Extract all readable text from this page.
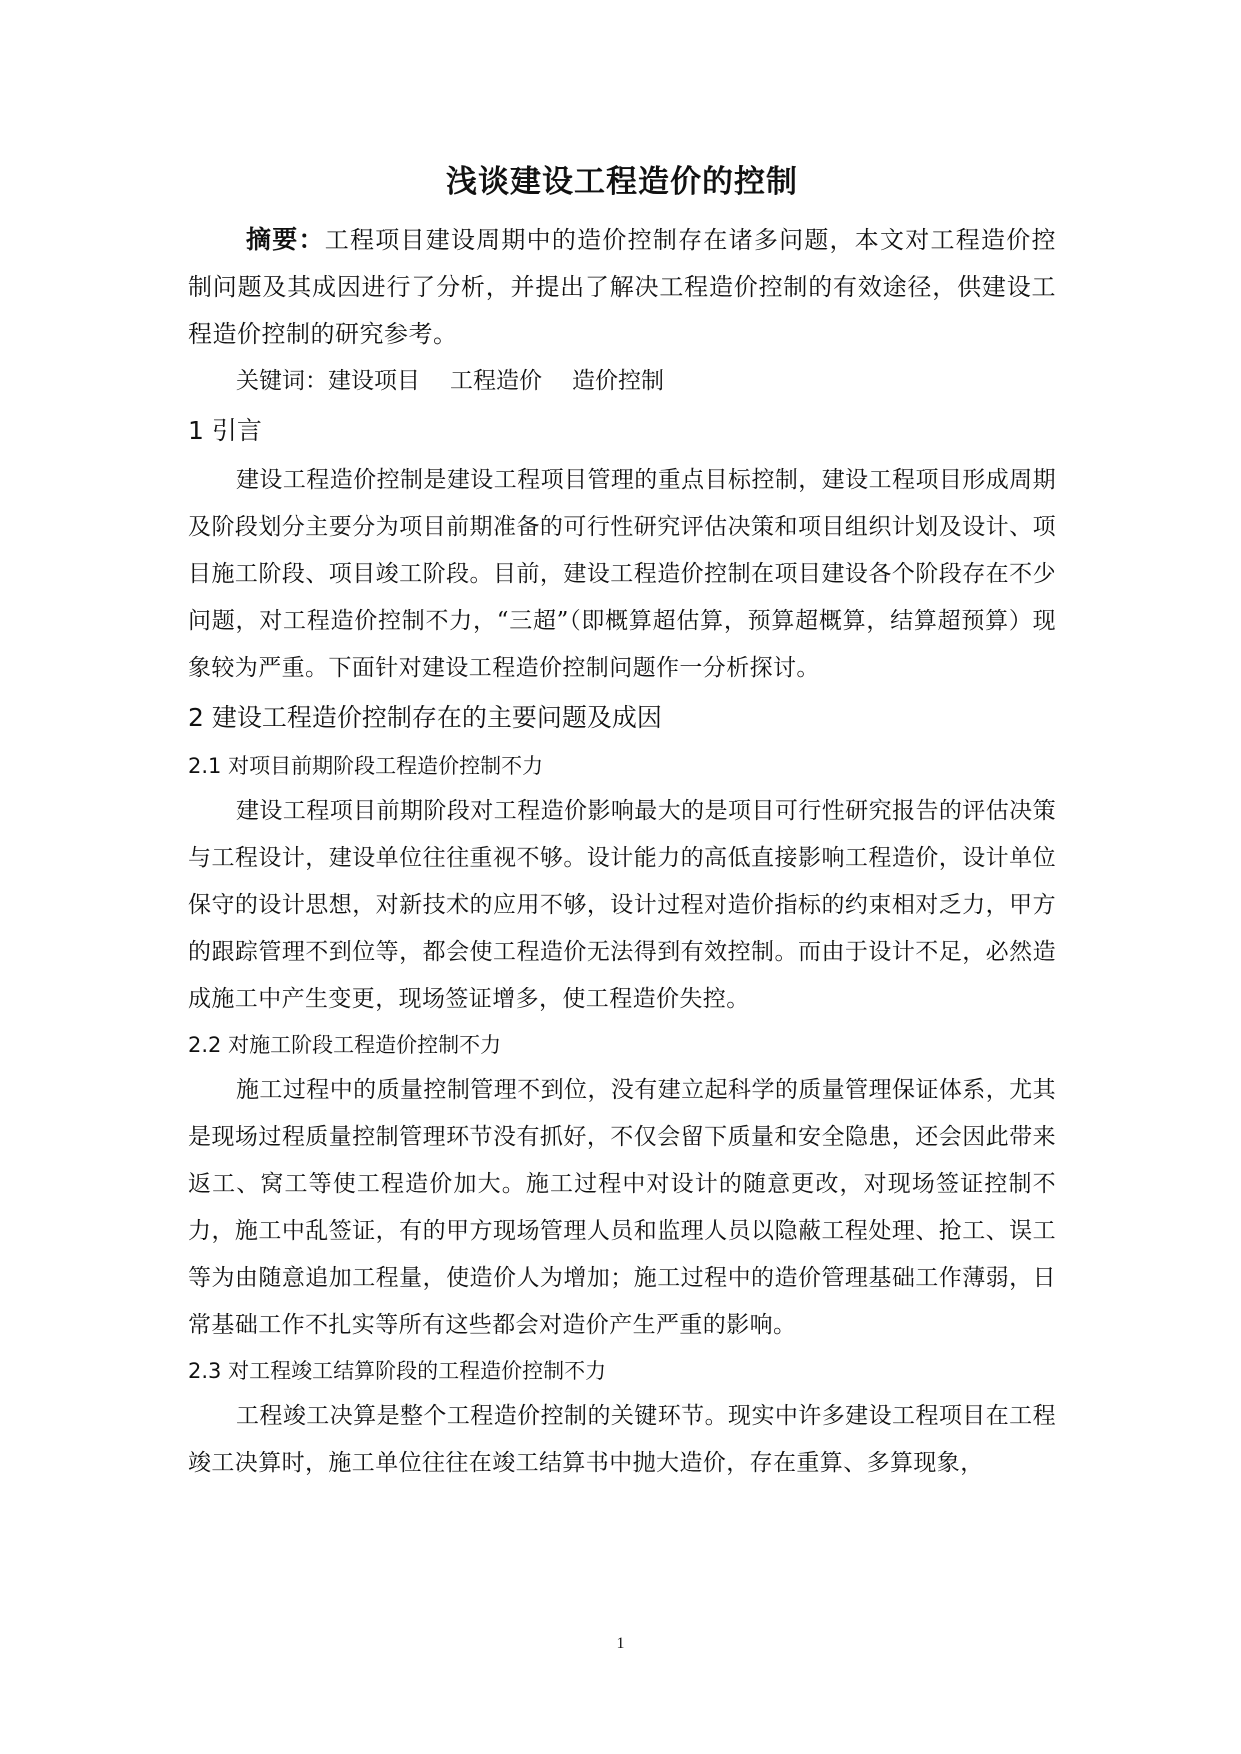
浅谈建设工程造价的控制

摘要：工程项目建设周期中的造价控制存在诸多问题，本文对工程造价控制问题及其成因进行了分析，并提出了解决工程造价控制的有效途径，供建设工程造价控制的研究参考。

关键词：建设项目 工程造价 造价控制

1 引言

建设工程造价控制是建设工程项目管理的重点目标控制，建设工程项目形成周期及阶段划分主要分为项目前期准备的可行性研究评估决策和项目组织计划及设计、项目施工阶段、项目竣工阶段。目前，建设工程造价控制在项目建设各个阶段存在不少问题，对工程造价控制不力，“三超”（即概算超估算，预算超概算，结算超预算）现象较为严重。下面针对建设工程造价控制问题作一分析探讨。

2 建设工程造价控制存在的主要问题及成因
2.1 对项目前期阶段工程造价控制不力

建设工程项目前期阶段对工程造价影响最大的是项目可行性研究报告的评估决策与工程设计，建设单位往往重视不够。设计能力的高低直接影响工程造价，设计单位保守的设计思想，对新技术的应用不够，设计过程对造价指标的约束相对乏力，甲方的跟踪管理不到位等，都会使工程造价无法得到有效控制。而由于设计不足，必然造成施工中产生变更，现场签证增多，使工程造价失控。

2.2 对施工阶段工程造价控制不力

施工过程中的质量控制管理不到位，没有建立起科学的质量管理保证体系，尤其是现场过程质量控制管理环节没有抓好，不仅会留下质量和安全隐患，还会因此带来返工、窝工等使工程造价加大。施工过程中对设计的随意更改，对现场签证控制不力，施工中乱签证，有的甲方现场管理人员和监理人员以隐蔽工程处理、抢工、误工等为由随意追加工程量，使造价人为增加；施工过程中的造价管理基础工作薄弱，日常基础工作不扎实等所有这些都会对造价产生严重的影响。

2.3 对工程竣工结算阶段的工程造价控制不力

工程竣工决算是整个工程造价控制的关键环节。现实中许多建设工程项目在工程竣工决算时，施工单位往往在竣工结算书中抛大造价，存在重算、多算现象，

1
